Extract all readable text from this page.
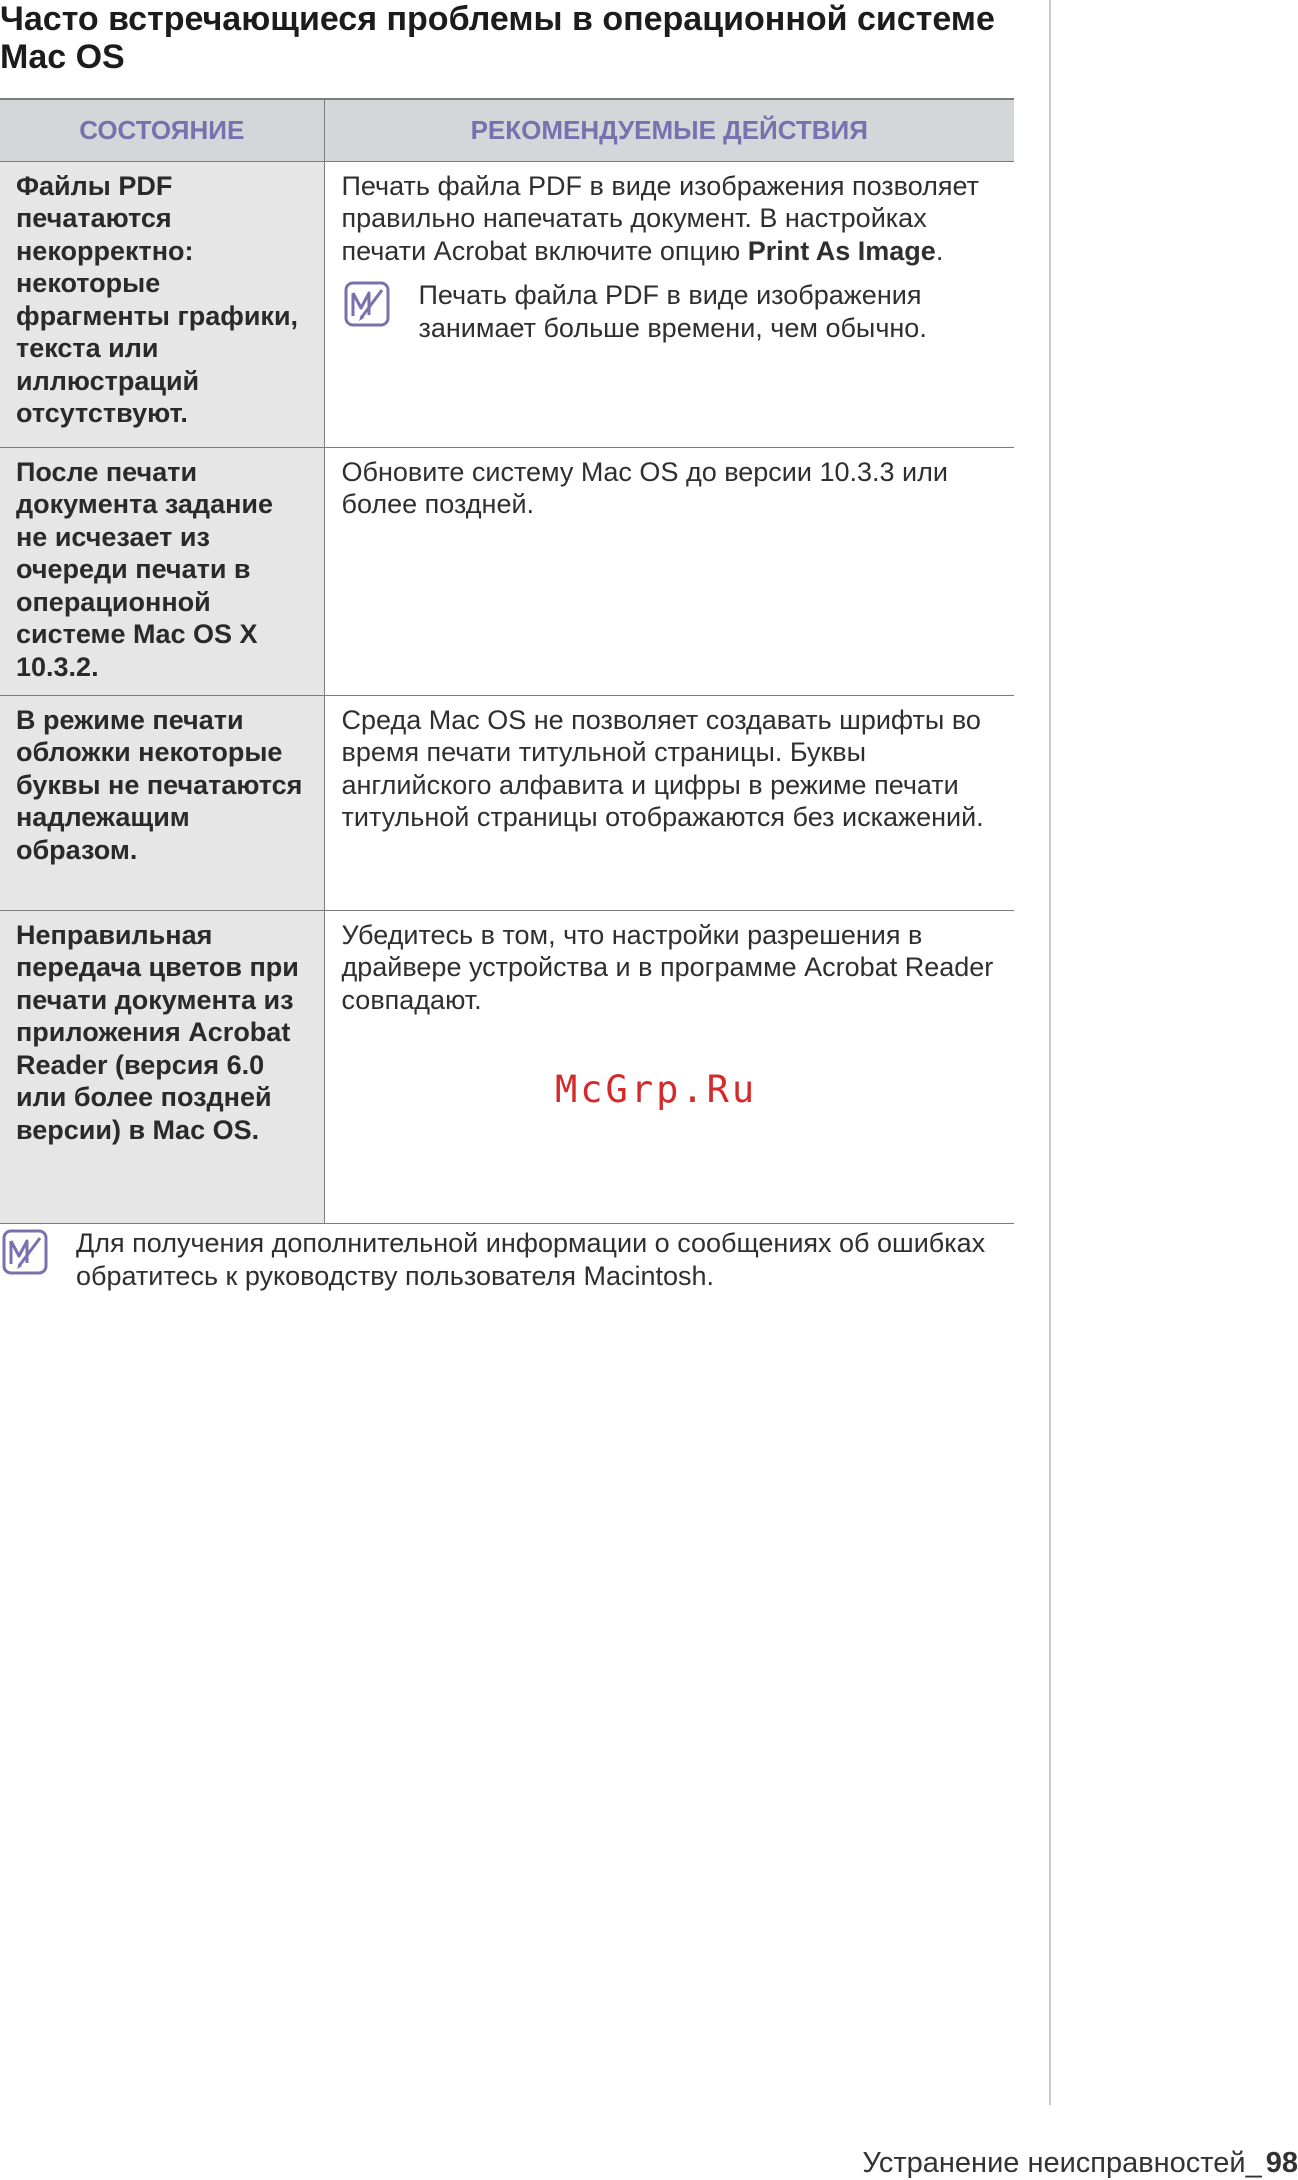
Часто встречающиеся проблемы в операционной системе Mac OS
СОСТОЯНИЕ	РЕКОМЕНДУЕМЫЕ ДЕЙСТВИЯ
Файлы PDF печатаются некорректно: некоторые фрагменты графики, текста или иллюстраций отсутствуют.	Печать файла PDF в виде изображения позволяет правильно напечатать документ. В настройках печати Acrobat включите опцию Print As Image.
Печать файла PDF в виде изображения занимает больше времени, чем обычно.

После печати документа задание не исчезает из очереди печати в операционной системе Mac OS X 10.3.2.	Обновите систему Mac OS до версии 10.3.3 или более поздней.
В режиме печати обложки некоторые буквы не печатаются надлежащим образом.	Среда Mac OS не позволяет создавать шрифты во время печати титульной страницы. Буквы английского алфавита и цифры в режиме печати титульной страницы отображаются без искажений.
Неправильная передача цветов при печати документа из приложения Acrobat Reader (версия 6.0 или более поздней версии) в Mac OS.	Убедитесь в том, что настройки разрешения в драйвере устройства и в программе Acrobat Reader совпадают.
McGrp.Ru
Для получения дополнительной информации о сообщениях об ошибках обратитесь к руководству пользователя Macintosh.
Устранение неисправностей_ 98
